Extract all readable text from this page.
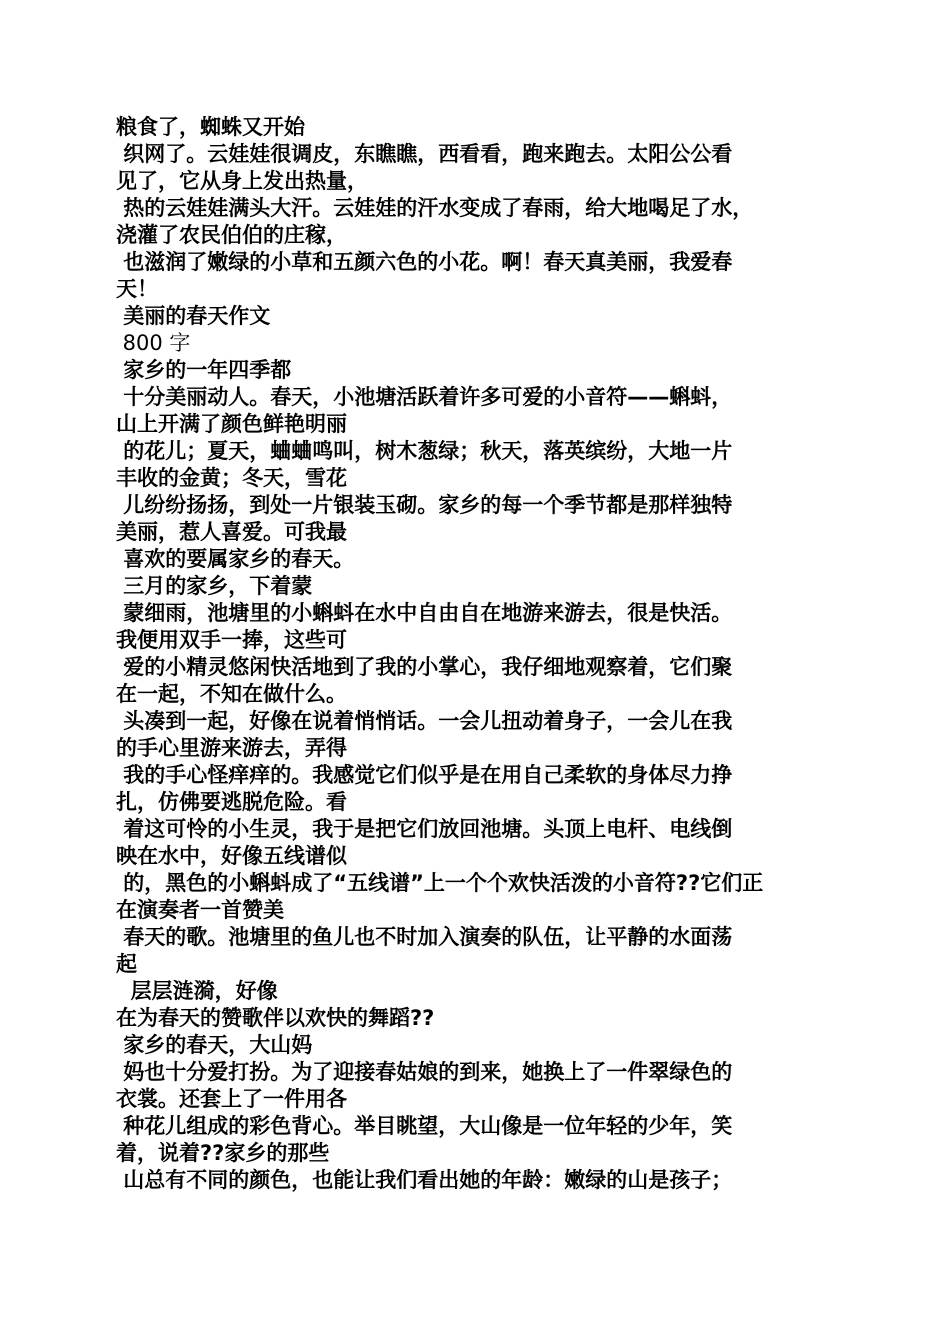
粮食了，蜘蛛又开始
织网了。云娃娃很调皮，东瞧瞧，西看看，跑来跑去。太阳公公看
见了，它从身上发出热量，
热的云娃娃满头大汗。云娃娃的汗水变成了春雨，给大地喝足了水，
浇灌了农民伯伯的庄稼，
也滋润了嫩绿的小草和五颜六色的小花。啊！春天真美丽，我爱春
天！
美丽的春天作文
800 字
家乡的一年四季都
十分美丽动人。春天，小池塘活跃着许多可爱的小音符——蝌蚪，
山上开满了颜色鲜艳明丽
的花儿；夏天，蛐蛐鸣叫，树木葱绿；秋天，落英缤纷，大地一片
丰收的金黄；冬天，雪花
儿纷纷扬扬，到处一片银装玉砌。家乡的每一个季节都是那样独特
美丽，惹人喜爱。可我最
喜欢的要属家乡的春天。
三月的家乡，下着蒙
蒙细雨，池塘里的小蝌蚪在水中自由自在地游来游去，很是快活。
我便用双手一捧，这些可
爱的小精灵悠闲快活地到了我的小掌心，我仔细地观察着，它们聚
在一起，不知在做什么。
头凑到一起，好像在说着悄悄话。一会儿扭动着身子，一会儿在我
的手心里游来游去，弄得
我的手心怪痒痒的。我感觉它们似乎是在用自己柔软的身体尽力挣
扎，仿佛要逃脱危险。看
着这可怜的小生灵，我于是把它们放回池塘。头顶上电杆、电线倒
映在水中，好像五线谱似
的，黑色的小蝌蚪成了“五线谱”上一个个欢快活泼的小音符??它们正
在演奏者一首赞美
春天的歌。池塘里的鱼儿也不时加入演奏的队伍，让平静的水面荡
起
层层涟漪，好像
在为春天的赞歌伴以欢快的舞蹈??
家乡的春天，大山妈
妈也十分爱打扮。为了迎接春姑娘的到来，她换上了一件翠绿色的
衣裳。还套上了一件用各
种花儿组成的彩色背心。举目眺望，大山像是一位年轻的少年，笑
着，说着??家乡的那些
山总有不同的颜色，也能让我们看出她的年龄：嫩绿的山是孩子；
